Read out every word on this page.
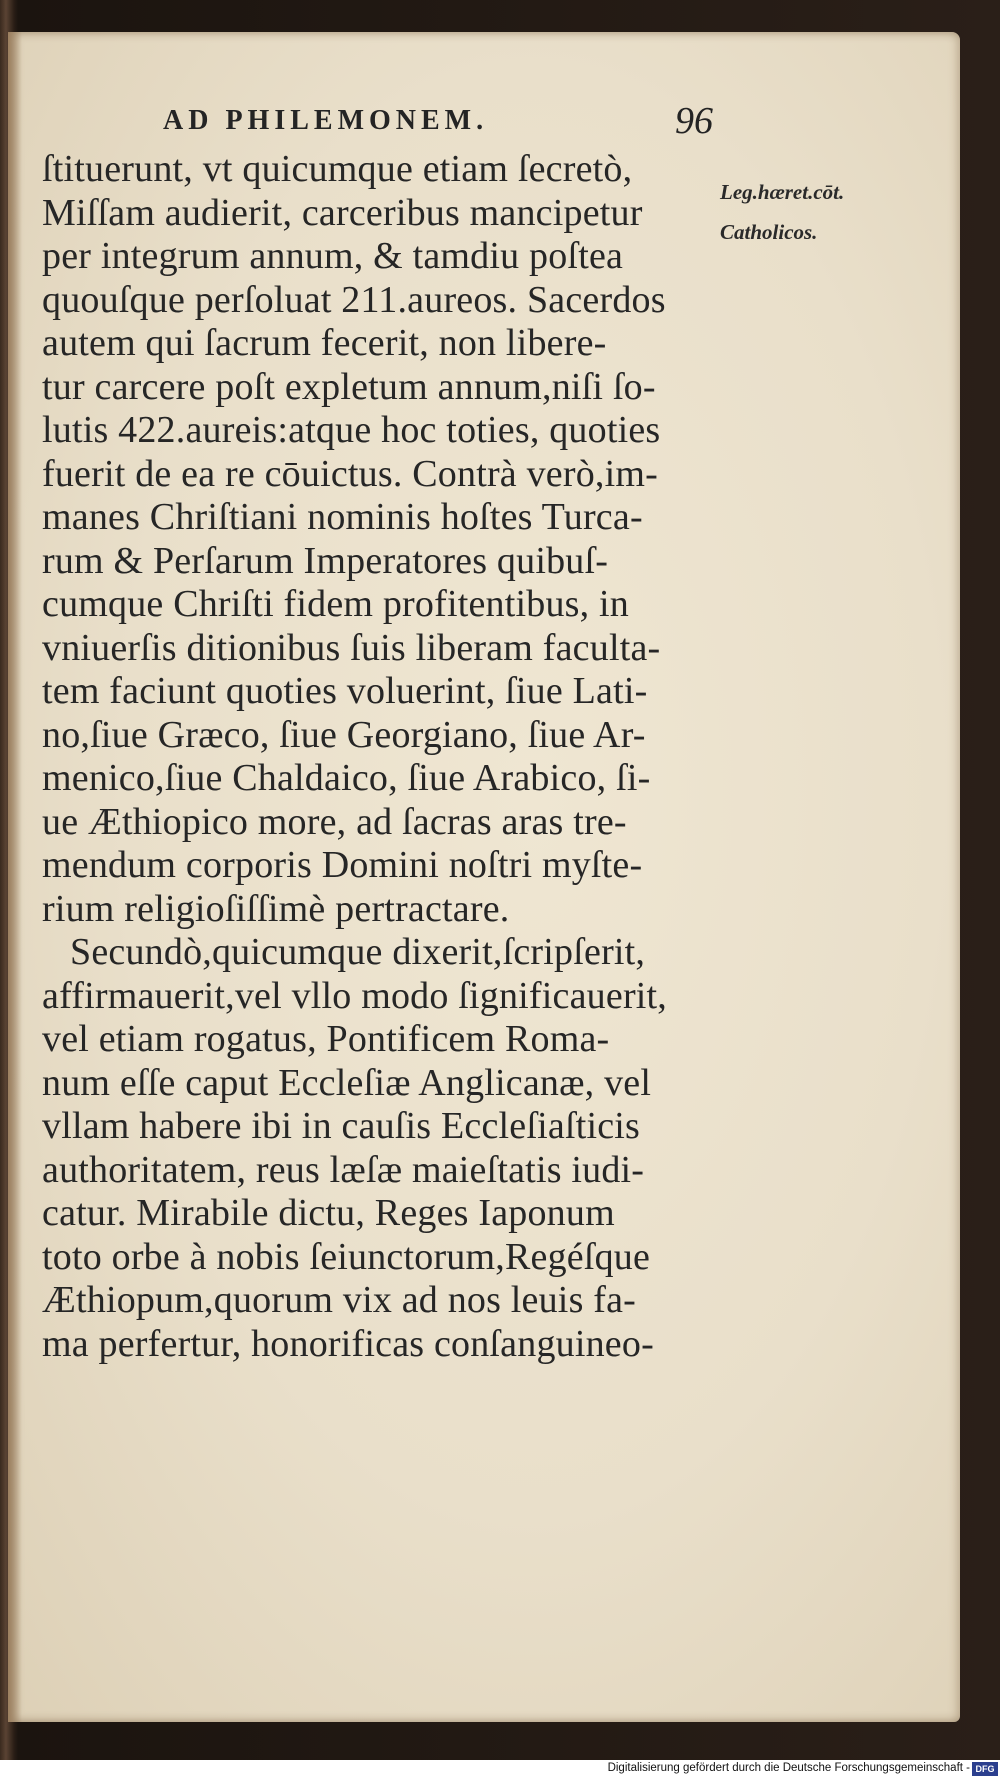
AD PHILEMONEM.	96
Leg.hæret.cōt.
Catholicos.
ſtituerunt, vt quicumque etiam ſecretò,
Miſſam audierit, carceribus mancipetur
per integrum annum, & tamdiu poſtea
quouſque perſoluat 211.aureos. Sacerdos
autem qui ſacrum fecerit, non libere-
tur carcere poſt expletum annum,niſi ſo-
lutis 422.aureis:atque hoc toties, quoties
fuerit de ea re cōuictus. Contrà verò,im-
manes Chriſtiani nominis hoſtes Turca-
rum & Perſarum Imperatores quibuſ-
cumque Chriſti fidem profitentibus, in
vniuerſis ditionibus ſuis liberam faculta-
tem faciunt quoties voluerint, ſiue Lati-
no,ſiue Græco, ſiue Georgiano, ſiue Ar-
menico,ſiue Chaldaico, ſiue Arabico, ſi-
ue Æthiopico more, ad ſacras aras tre-
mendum corporis Domini noſtri myſte-
rium religioſiſſimè pertractare.
Secundò,quicumque dixerit,ſcripſerit,
affirmauerit,vel vllo modo ſignificauerit,
vel etiam rogatus, Pontificem Roma-
num eſſe caput Eccleſiæ Anglicanæ, vel
vllam habere ibi in cauſis Eccleſiaſticis
authoritatem, reus læſæ maieſtatis iudi-
catur. Mirabile dictu, Reges Iaponum
toto orbe à nobis ſeiunctorum,Regéſque
Æthiopum,quorum vix ad nos leuis fa-
ma perfertur, honorificas conſanguineo-
Digitalisierung gefördert durch die Deutsche Forschungsgemeinschaft - DFG
